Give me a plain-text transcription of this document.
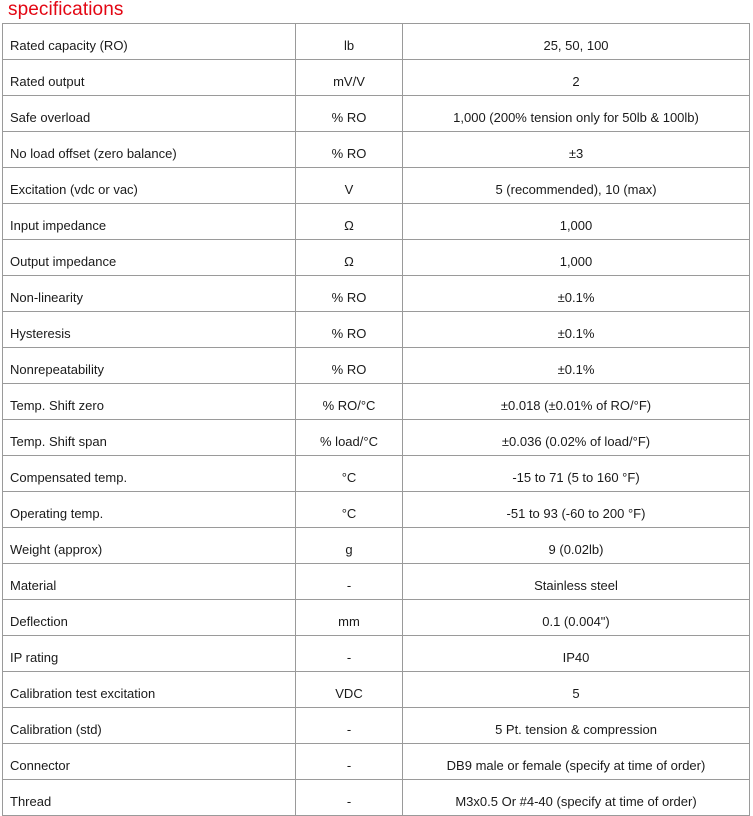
specifications
Rated capacity (RO)	lb	25, 50, 100
Rated output	mV/V	2
Safe overload	% RO	1,000 (200% tension only for 50lb & 100lb)
No load offset (zero balance)	% RO	±3
Excitation (vdc or vac)	V	5 (recommended), 10 (max)
Input impedance	Ω	1,000
Output impedance	Ω	1,000
Non-linearity	% RO	±0.1%
Hysteresis	% RO	±0.1%
Nonrepeatability	% RO	±0.1%
Temp. Shift zero	% RO/°C	±0.018 (±0.01% of RO/°F)
Temp. Shift span	% load/°C	±0.036 (0.02% of load/°F)
Compensated temp.	°C	-15 to 71 (5 to 160 °F)
Operating temp.	°C	-51 to 93 (-60 to 200 °F)
Weight (approx)	g	9 (0.02lb)
Material	-	Stainless steel
Deflection	mm	0.1 (0.004")
IP rating	-	IP40
Calibration test excitation	VDC	5
Calibration (std)	-	5 Pt. tension & compression
Connector	-	DB9 male or female (specify at time of order)
Thread	-	M3x0.5 Or #4-40 (specify at time of order)
